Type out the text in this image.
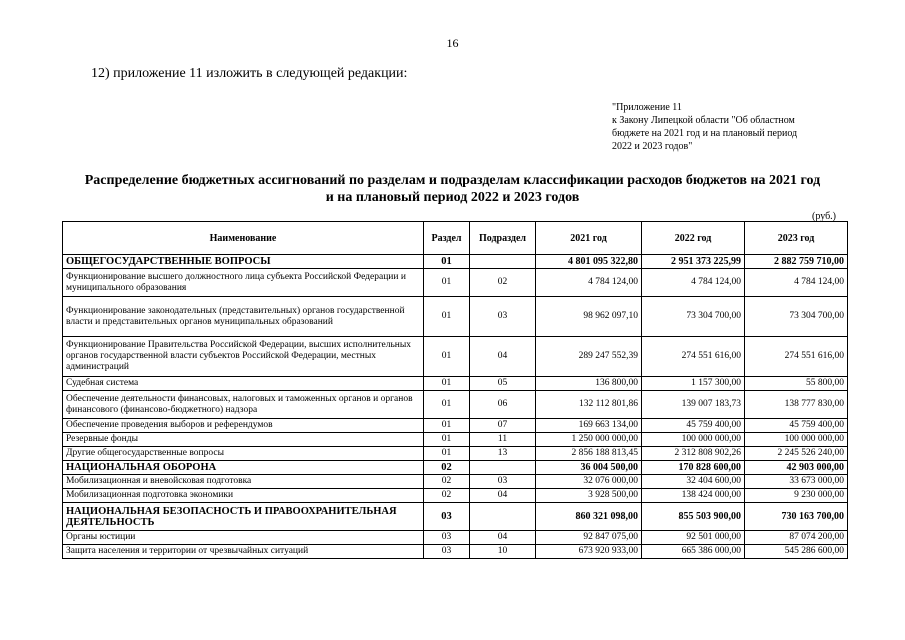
16
12) приложение 11 изложить в следующей редакции:
"Приложение 11
к Закону Липецкой области "Об областном
бюджете на 2021 год и на плановый период
2022 и 2023 годов"
Распределение бюджетных ассигнований по разделам и подразделам классификации расходов бюджетов на 2021 год
и на плановый период 2022 и 2023 годов
(руб.)
Наименование	Раздел	Подраздел	2021 год	2022 год	2023 год
ОБЩЕГОСУДАРСТВЕННЫЕ ВОПРОСЫ	01		4 801 095 322,80	2 951 373 225,99	2 882 759 710,00
Функционирование высшего должностного лица субъекта Российской Федерации и муниципального образования	01	02	4 784 124,00	4 784 124,00	4 784 124,00
Функционирование законодательных (представительных) органов государственной власти и представительных органов муниципальных образований	01	03	98 962 097,10	73 304 700,00	73 304 700,00
Функционирование Правительства Российской Федерации, высших исполнительных органов государственной власти субъектов Российской Федерации, местных администраций	01	04	289 247 552,39	274 551 616,00	274 551 616,00
Судебная система	01	05	136 800,00	1 157 300,00	55 800,00
Обеспечение деятельности финансовых, налоговых и таможенных органов и органов финансового (финансово-бюджетного) надзора	01	06	132 112 801,86	139 007 183,73	138 777 830,00
Обеспечение проведения выборов и референдумов	01	07	169 663 134,00	45 759 400,00	45 759 400,00
Резервные фонды	01	11	1 250 000 000,00	100 000 000,00	100 000 000,00
Другие общегосударственные вопросы	01	13	2 856 188 813,45	2 312 808 902,26	2 245 526 240,00
НАЦИОНАЛЬНАЯ ОБОРОНА	02		36 004 500,00	170 828 600,00	42 903 000,00
Мобилизационная и вневойсковая подготовка	02	03	32 076 000,00	32 404 600,00	33 673 000,00
Мобилизационная подготовка экономики	02	04	3 928 500,00	138 424 000,00	9 230 000,00
НАЦИОНАЛЬНАЯ БЕЗОПАСНОСТЬ И ПРАВООХРАНИТЕЛЬНАЯ ДЕЯТЕЛЬНОСТЬ	03		860 321 098,00	855 503 900,00	730 163 700,00
Органы юстиции	03	04	92 847 075,00	92 501 000,00	87 074 200,00
Защита населения и территории от чрезвычайных ситуаций	03	10	673 920 933,00	665 386 000,00	545 286 600,00
